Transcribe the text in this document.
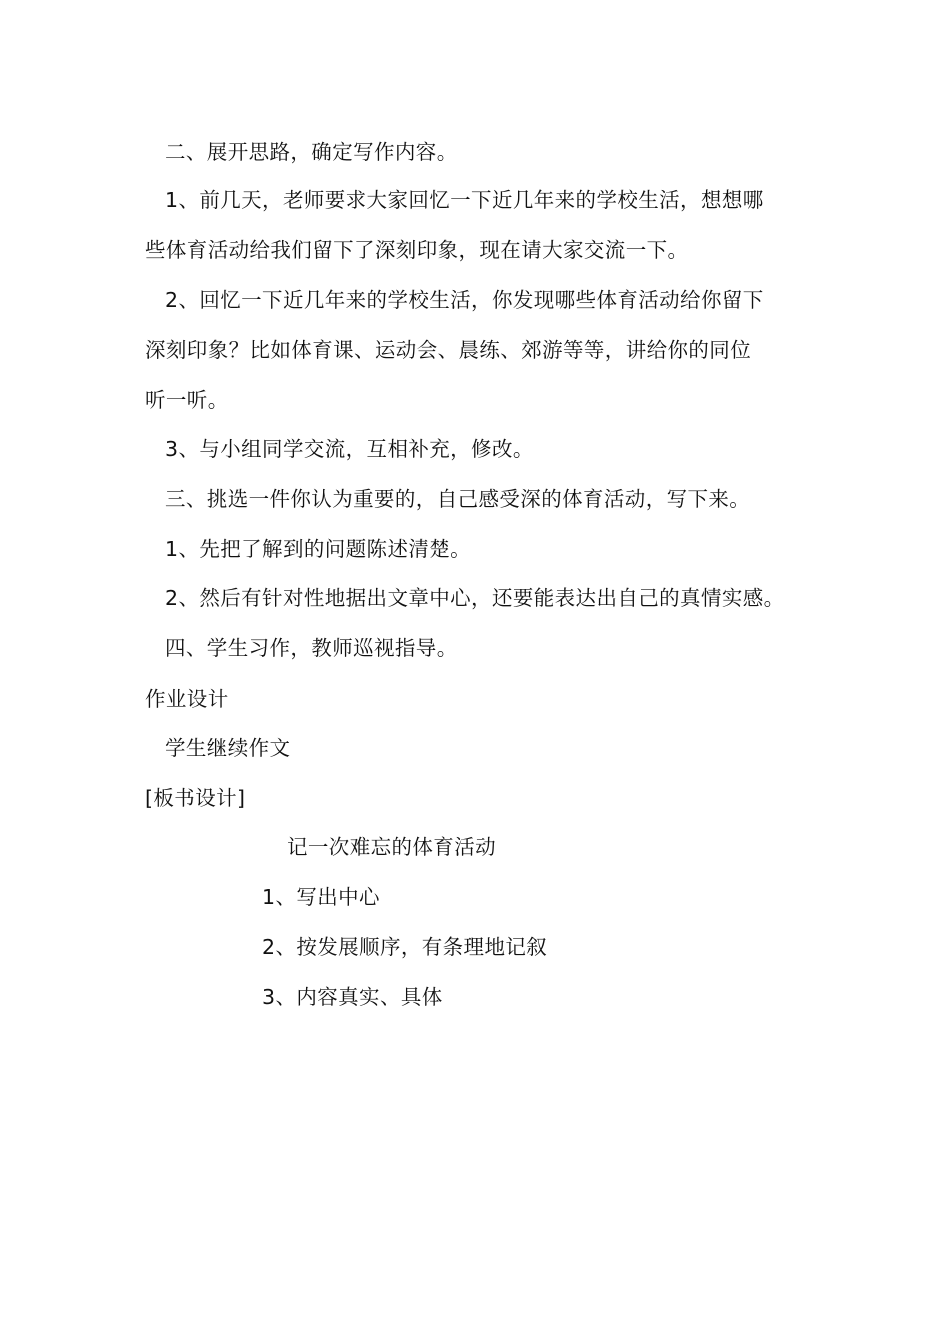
二、展开思路，确定写作内容。
1、前几天，老师要求大家回忆一下近几年来的学校生活，想想哪
些体育活动给我们留下了深刻印象，现在请大家交流一下。
2、回忆一下近几年来的学校生活，你发现哪些体育活动给你留下
深刻印象？比如体育课、运动会、晨练、郊游等等，讲给你的同位
听一听。
3、与小组同学交流，互相补充，修改。
三、挑选一件你认为重要的，自己感受深的体育活动，写下来。
1、先把了解到的问题陈述清楚。
2、然后有针对性地据出文章中心，还要能表达出自己的真情实感。
四、学生习作，教师巡视指导。
作业设计
学生继续作文
[板书设计]
记一次难忘的体育活动
1、写出中心
2、按发展顺序，有条理地记叙
3、内容真实、具体
